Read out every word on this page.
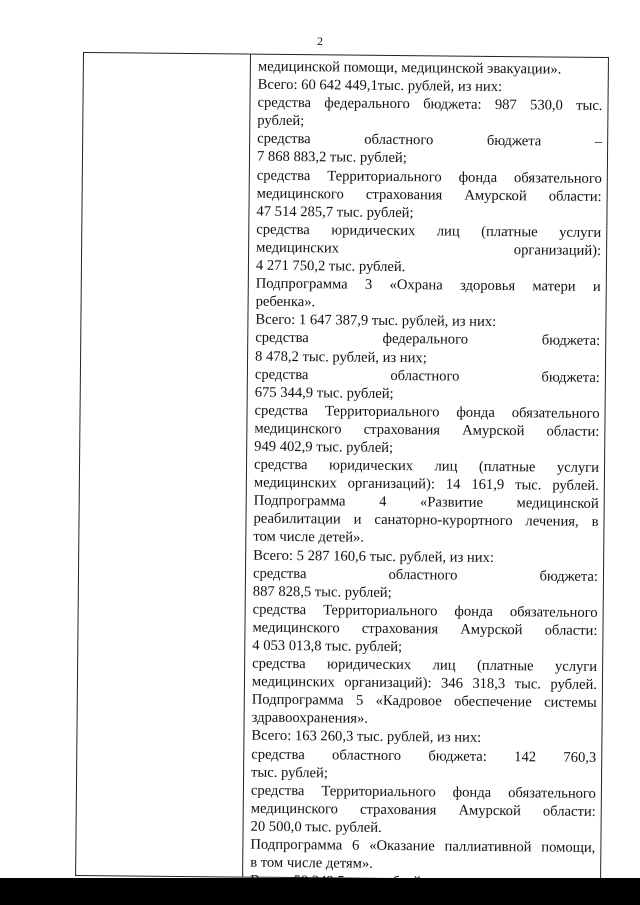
2
медицинской помощи, медицинской эвакуации».
Всего: 60 642 449,1тыс. рублей, из них:
средства федерального бюджета: 987 530,0 тыс.
рублей;
средства областного бюджета –
7 868 883,2 тыс. рублей;
средства Территориального фонда обязательного
медицинского страхования Амурской области:
47 514 285,7 тыс. рублей;
средства юридических лиц (платные услуги
медицинских организаций):
4 271 750,2 тыс. рублей.
Подпрограмма 3 «Охрана здоровья матери и
ребенка».
Всего: 1 647 387,9 тыс. рублей, из них:
средства федерального бюджета:
8 478,2 тыс. рублей, из них;
средства областного бюджета:
675 344,9 тыс. рублей;
средства Территориального фонда обязательного
медицинского страхования Амурской области:
949 402,9 тыс. рублей;
средства юридических лиц (платные услуги
медицинских организаций): 14 161,9 тыс. рублей.
Подпрограмма 4 «Развитие медицинской
реабилитации и санаторно-курортного лечения, в
том числе детей».
Всего: 5 287 160,6 тыс. рублей, из них:
средства областного бюджета:
887 828,5 тыс. рублей;
средства Территориального фонда обязательного
медицинского страхования Амурской области:
4 053 013,8 тыс. рублей;
средства юридических лиц (платные услуги
медицинских организаций): 346 318,3 тыс. рублей.
Подпрограмма 5 «Кадровое обеспечение системы
здравоохранения».
Всего: 163 260,3 тыс. рублей, из них:
средства областного бюджета: 142 760,3
тыс. рублей;
средства Территориального фонда обязательного
медицинского страхования Амурской области:
20 500,0 тыс. рублей.
Подпрограмма 6 «Оказание паллиативной помощи,
в том числе детям».
